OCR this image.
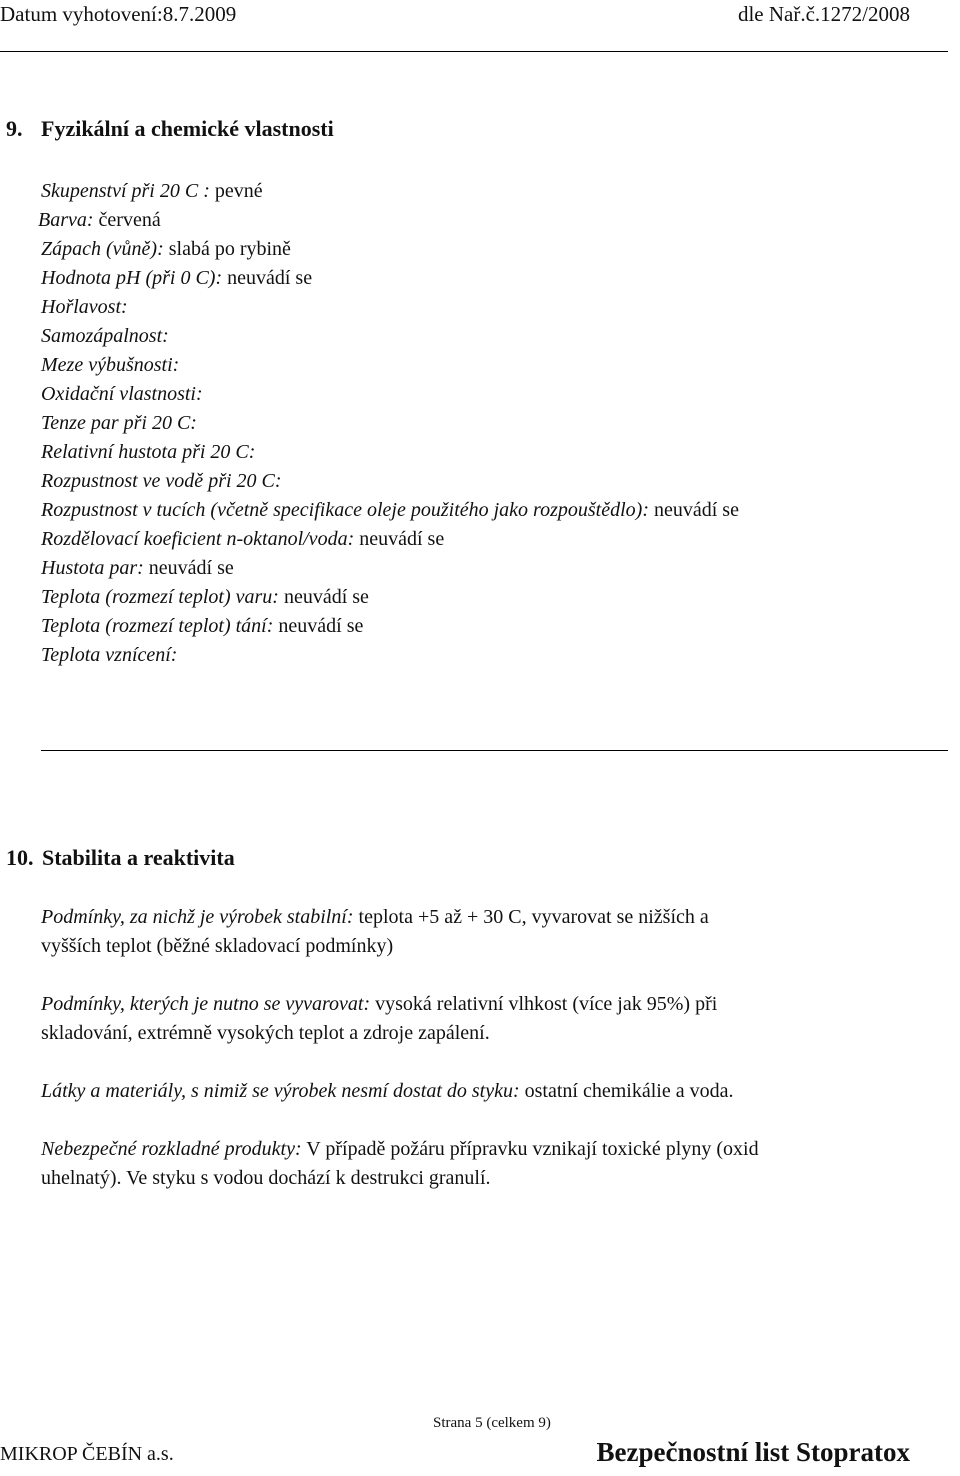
Datum vyhotovení:8.7.2009	dle Nař.č.1272/2008
9. Fyzikální a chemické vlastnosti
Skupenství při 20 C : pevné
Barva: červená
Zápach (vůně): slabá po rybině
Hodnota pH (při 0 C): neuvádí se
Hořlavost:
Samozápalnost:
Meze výbušnosti:
Oxidační vlastnosti:
Tenze par při 20 C:
Relativní hustota při 20 C:
Rozpustnost ve vodě při 20 C:
Rozpustnost v tucích (včetně specifikace oleje použitého jako rozpouštědlo): neuvádí se
Rozdělovací koeficient n-oktanol/voda: neuvádí se
Hustota par: neuvádí se
Teplota (rozmezí teplot) varu: neuvádí se
Teplota (rozmezí teplot) tání: neuvádí se
Teplota vznícení:
10. Stabilita a reaktivita
Podmínky, za nichž je výrobek stabilní: teplota +5 až + 30 C, vyvarovat se nižších a
vyšších teplot (běžné skladovací podmínky)
Podmínky, kterých je nutno se vyvarovat: vysoká relativní vlhkost (více jak 95%) při
skladování, extrémně vysokých teplot a zdroje zapálení.
Látky a materiály, s nimiž se výrobek nesmí dostat do styku: ostatní chemikálie a voda.
Nebezpečné rozkladné produkty: V případě požáru přípravku vznikají toxické plyny (oxid
uhelnatý). Ve styku s vodou dochází k destrukci granulí.
Strana 5 (celkem 9)
MIKROP ČEBÍN a.s.	Bezpečnostní list Stopratox
